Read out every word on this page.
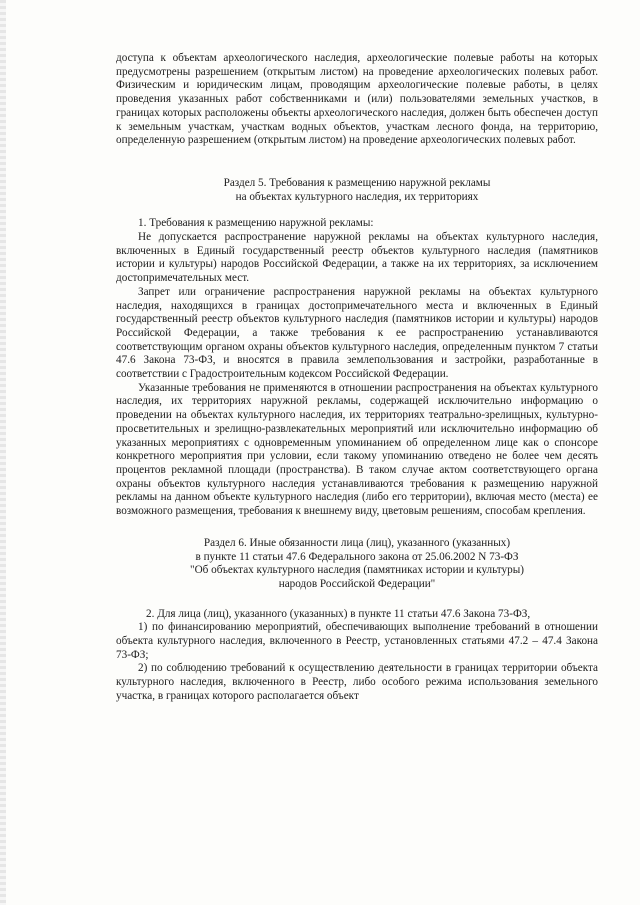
доступа к объектам археологического наследия, археологические полевые работы на которых предусмотрены разрешением (открытым листом) на проведение археологических полевых работ. Физическим и юридическим лицам, проводящим археологические полевые работы, в целях проведения указанных работ собственниками и (или) пользователями земельных участков, в границах которых расположены объекты археологического наследия, должен быть обеспечен доступ к земельным участкам, участкам водных объектов, участкам лесного фонда, на территорию, определенную разрешением (открытым листом) на проведение археологических полевых работ.

Раздел 5. Требования к размещению наружной рекламы

на объектах культурного наследия, их территориях

1. Требования к размещению наружной рекламы:

Не допускается распространение наружной рекламы на объектах культурного наследия, включенных в Единый государственный реестр объектов культурного наследия (памятников истории и культуры) народов Российской Федерации, а также на их территориях, за исключением достопримечательных мест.

Запрет или ограничение распространения наружной рекламы на объектах культурного наследия, находящихся в границах достопримечательного места и включенных в Единый государственный реестр объектов культурного наследия (памятников истории и культуры) народов Российской Федерации, а также требования к ее распространению устанавливаются соответствующим органом охраны объектов культурного наследия, определенным пунктом 7 статьи 47.6 Закона 73-ФЗ, и вносятся в правила землепользования и застройки, разработанные в соответствии с Градостроительным кодексом Российской Федерации.

Указанные требования не применяются в отношении распространения на объектах культурного наследия, их территориях наружной рекламы, содержащей исключительно информацию о проведении на объектах культурного наследия, их территориях театрально-зрелищных, культурно-просветительных и зрелищно-развлекательных мероприятий или исключительно информацию об указанных мероприятиях с одновременным упоминанием об определенном лице как о спонсоре конкретного мероприятия при условии, если такому упоминанию отведено не более чем десять процентов рекламной площади (пространства). В таком случае актом соответствующего органа охраны объектов культурного наследия устанавливаются требования к размещению наружной рекламы на данном объекте культурного наследия (либо его территории), включая место (места) ее возможного размещения, требования к внешнему виду, цветовым решениям, способам крепления.

Раздел 6. Иные обязанности лица (лиц), указанного (указанных)

в пункте 11 статьи 47.6 Федерального закона от 25.06.2002 N 73-ФЗ

"Об объектах культурного наследия (памятниках истории и культуры)

народов Российской Федерации"

2. Для лица (лиц), указанного (указанных) в пункте 11 статьи 47.6 Закона 73-ФЗ,

1) по финансированию мероприятий, обеспечивающих выполнение требований в отношении объекта культурного наследия, включенного в Реестр, установленных статьями 47.2 – 47.4 Закона 73-ФЗ;

2) по соблюдению требований к осуществлению деятельности в границах территории объекта культурного наследия, включенного в Реестр, либо особого режима использования земельного участка, в границах которого располагается объект
